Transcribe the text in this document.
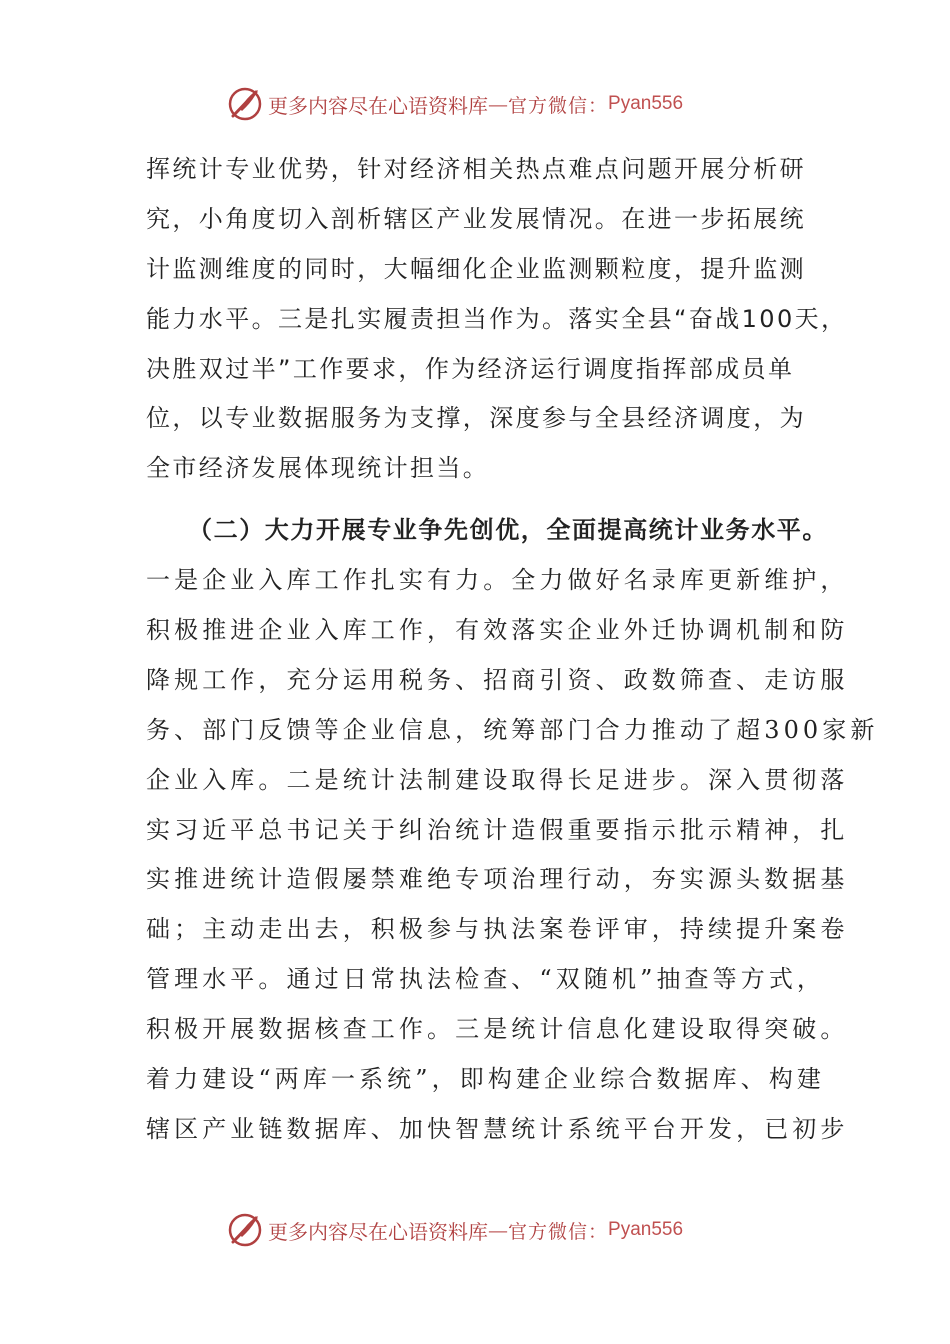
更多内容尽在心语资料库 — 官方微信： Pyan556
挥统计专业优势，针对经济相关热点难点问题开展分析研
究，小角度切入剖析辖区产业发展情况。在进一步拓展统
计监测维度的同时，大幅细化企业监测颗粒度，提升监测
能力水平。三是扎实履责担当作为。落实全县“奋战100天，
决胜双过半”工作要求，作为经济运行调度指挥部成员单
位，以专业数据服务为支撑，深度参与全县经济调度，为
全市经济发展体现统计担当。
（二）大力开展专业争先创优，全面提高统计业务水平。
一是企业入库工作扎实有力。全力做好名录库更新维护，
积极推进企业入库工作，有效落实企业外迁协调机制和防
降规工作，充分运用税务、招商引资、政数筛查、走访服
务、部门反馈等企业信息，统筹部门合力推动了超300家新
企业入库。二是统计法制建设取得长足进步。深入贯彻落
实习近平总书记关于纠治统计造假重要指示批示精神，扎
实推进统计造假屡禁难绝专项治理行动，夯实源头数据基
础；主动走出去，积极参与执法案卷评审，持续提升案卷
管理水平。通过日常执法检查、“双随机”抽查等方式，
积极开展数据核查工作。三是统计信息化建设取得突破。
着力建设“两库一系统”，即构建企业综合数据库、构建
辖区产业链数据库、加快智慧统计系统平台开发，已初步
更多内容尽在心语资料库 — 官方微信： Pyan556
